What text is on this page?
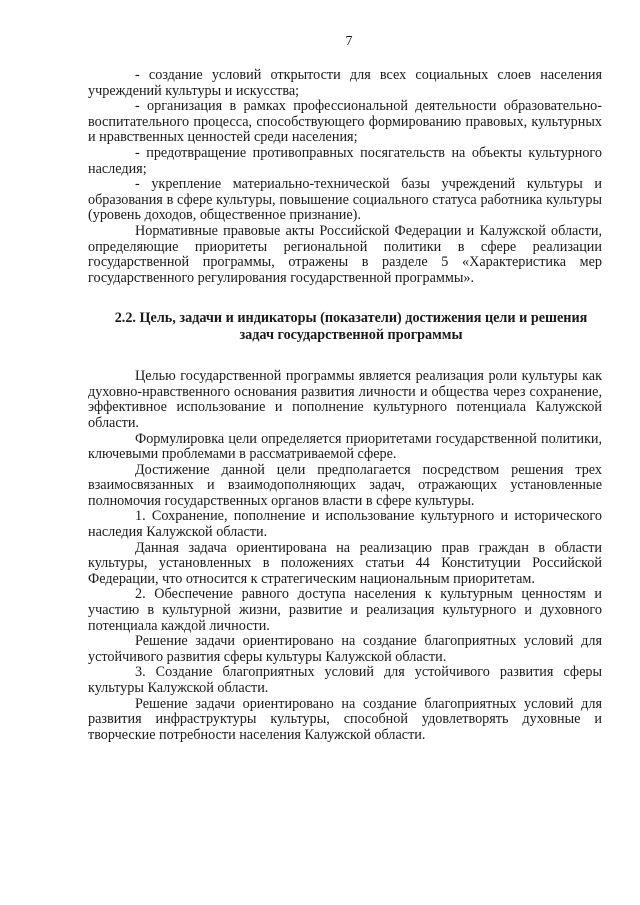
7

- создание условий открытости для всех социальных слоев населения учреждений культуры и искусства;

- организация в рамках профессиональной деятельности образовательно-воспитательного процесса, способствующего формированию правовых, культурных и нравственных ценностей среди населения;

- предотвращение противоправных посягательств на объекты культурного наследия;

- укрепление материально-технической базы учреждений культуры и образования в сфере культуры, повышение социального статуса работника культуры (уровень доходов, общественное признание).

Нормативные правовые акты Российской Федерации и Калужской области, определяющие приоритеты региональной политики в сфере реализации государственной программы, отражены в разделе 5 «Характеристика мер государственного регулирования государственной программы».

2.2. Цель, задачи и индикаторы (показатели) достижения цели и решения задач государственной программы

Целью государственной программы является реализация роли культуры как духовно-нравственного основания развития личности и общества через сохранение, эффективное использование и пополнение культурного потенциала Калужской области.

Формулировка цели определяется приоритетами государственной политики, ключевыми проблемами в рассматриваемой сфере.

Достижение данной цели предполагается посредством решения трех взаимосвязанных и взаимодополняющих задач, отражающих установленные полномочия государственных органов власти в сфере культуры.

1. Сохранение, пополнение и использование культурного и исторического наследия Калужской области.

Данная задача ориентирована на реализацию прав граждан в области культуры, установленных в положениях статьи 44 Конституции Российской Федерации, что относится к стратегическим национальным приоритетам.

2. Обеспечение равного доступа населения к культурным ценностям и участию в культурной жизни, развитие и реализация культурного и духовного потенциала каждой личности.

Решение задачи ориентировано на создание благоприятных условий для устойчивого развития сферы культуры Калужской области.

3. Создание благоприятных условий для устойчивого развития сферы культуры Калужской области.

Решение задачи ориентировано на создание благоприятных условий для развития инфраструктуры культуры, способной удовлетворять духовные и творческие потребности населения Калужской области.
